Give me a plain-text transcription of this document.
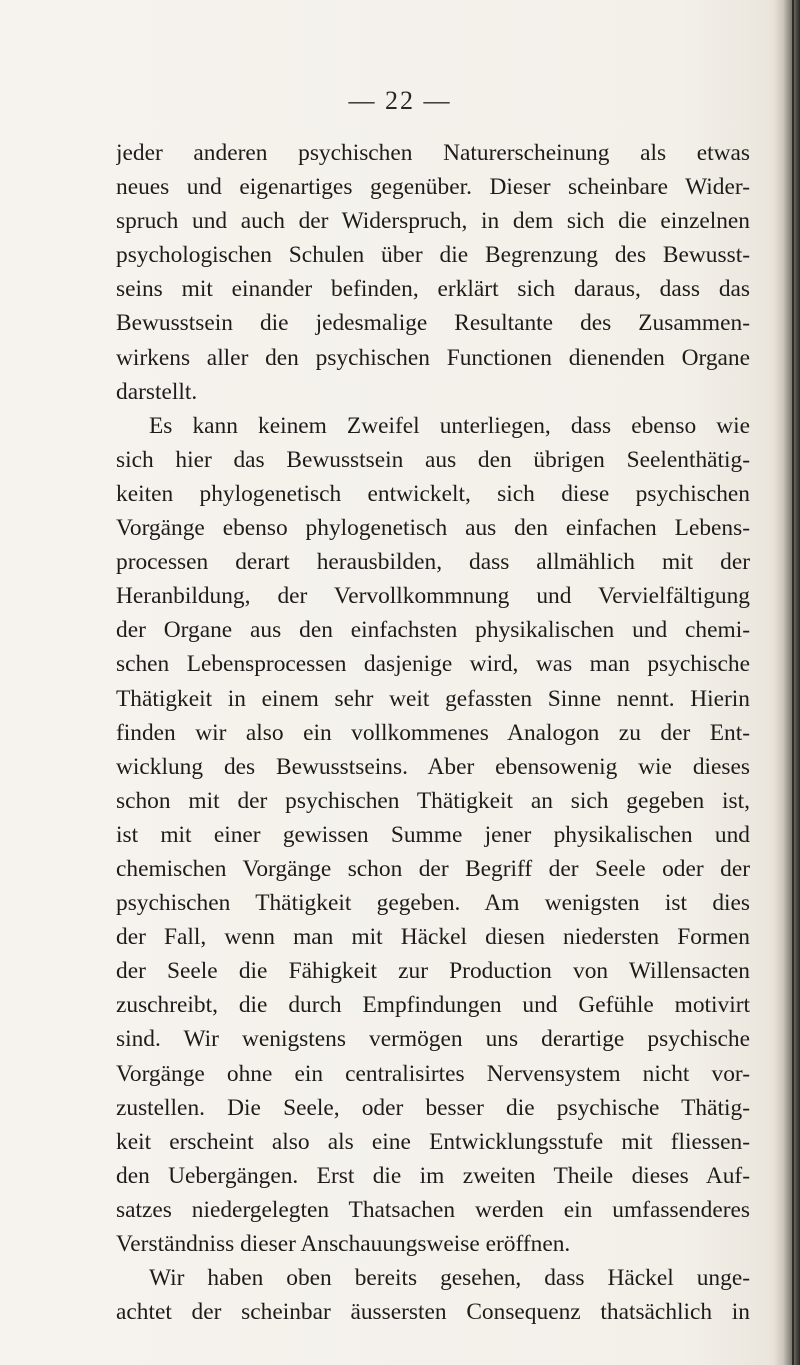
— 22 —
jeder anderen psychischen Naturerscheinung als etwas
neues und eigenartiges gegenüber. Dieser scheinbare Wider-
spruch und auch der Widerspruch, in dem sich die einzelnen
psychologischen Schulen über die Begrenzung des Bewusst-
seins mit einander befinden, erklärt sich daraus, dass das
Bewusstsein die jedesmalige Resultante des Zusammen-
wirkens aller den psychischen Functionen dienenden Organe
darstellt.
Es kann keinem Zweifel unterliegen, dass ebenso wie
sich hier das Bewusstsein aus den übrigen Seelenthätig-
keiten phylogenetisch entwickelt, sich diese psychischen
Vorgänge ebenso phylogenetisch aus den einfachen Lebens-
processen derart herausbilden, dass allmählich mit der
Heranbildung, der Vervollkommnung und Vervielfältigung
der Organe aus den einfachsten physikalischen und chemi-
schen Lebensprocessen dasjenige wird, was man psychische
Thätigkeit in einem sehr weit gefassten Sinne nennt. Hierin
finden wir also ein vollkommenes Analogon zu der Ent-
wicklung des Bewusstseins. Aber ebensowenig wie dieses
schon mit der psychischen Thätigkeit an sich gegeben ist,
ist mit einer gewissen Summe jener physikalischen und
chemischen Vorgänge schon der Begriff der Seele oder der
psychischen Thätigkeit gegeben. Am wenigsten ist dies
der Fall, wenn man mit Häckel diesen niedersten Formen
der Seele die Fähigkeit zur Production von Willensacten
zuschreibt, die durch Empfindungen und Gefühle motivirt
sind. Wir wenigstens vermögen uns derartige psychische
Vorgänge ohne ein centralisirtes Nervensystem nicht vor-
zustellen. Die Seele, oder besser die psychische Thätig-
keit erscheint also als eine Entwicklungsstufe mit fliessen-
den Uebergängen. Erst die im zweiten Theile dieses Auf-
satzes niedergelegten Thatsachen werden ein umfassenderes
Verständniss dieser Anschauungsweise eröffnen.
Wir haben oben bereits gesehen, dass Häckel unge-
achtet der scheinbar äussersten Consequenz thatsächlich in
